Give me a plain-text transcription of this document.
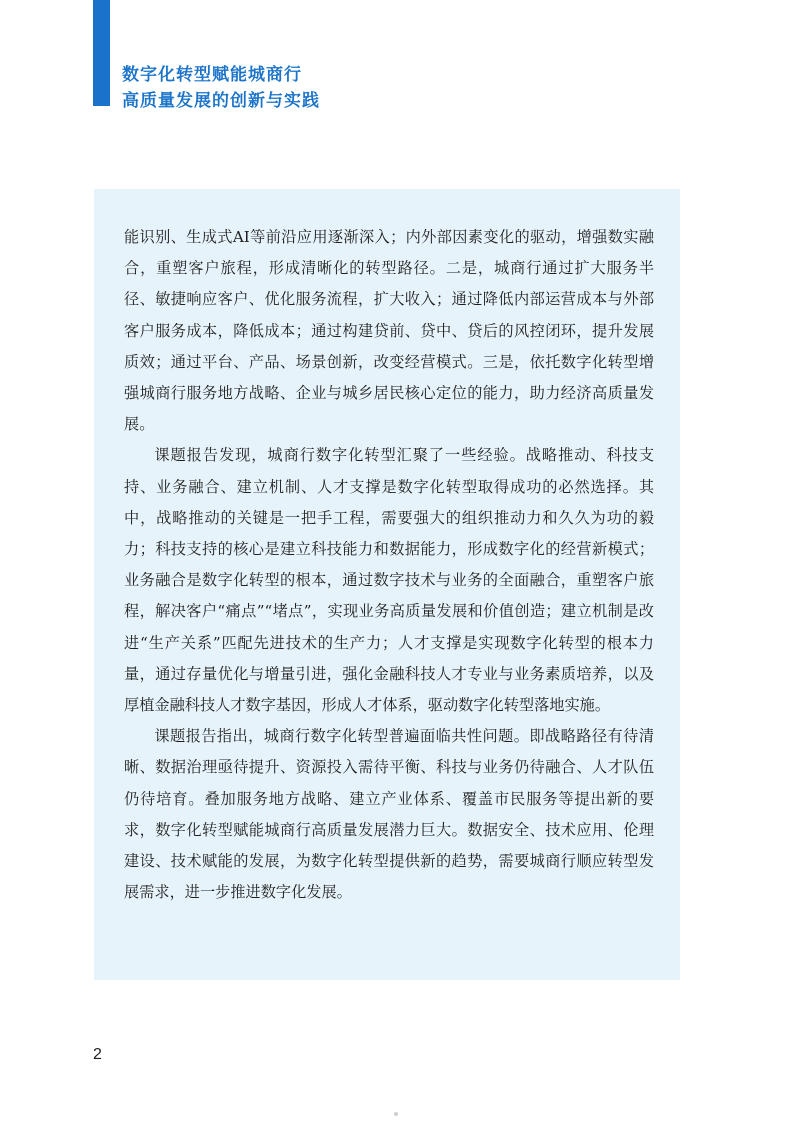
数字化转型赋能城商行
高质量发展的创新与实践

能识别、生成式AI等前沿应用逐渐深入；内外部因素变化的驱动，增强数实融合，重塑客户旅程，形成清晰化的转型路径。二是，城商行通过扩大服务半径、敏捷响应客户、优化服务流程，扩大收入；通过降低内部运营成本与外部客户服务成本，降低成本；通过构建贷前、贷中、贷后的风控闭环，提升发展质效；通过平台、产品、场景创新，改变经营模式。三是，依托数字化转型增强城商行服务地方战略、企业与城乡居民核心定位的能力，助力经济高质量发展。

课题报告发现，城商行数字化转型汇聚了一些经验。战略推动、科技支持、业务融合、建立机制、人才支撑是数字化转型取得成功的必然选择。其中，战略推动的关键是一把手工程，需要强大的组织推动力和久久为功的毅力；科技支持的核心是建立科技能力和数据能力，形成数字化的经营新模式；业务融合是数字化转型的根本，通过数字技术与业务的全面融合，重塑客户旅程，解决客户“痛点”“堵点”，实现业务高质量发展和价值创造；建立机制是改进“生产关系”匹配先进技术的生产力；人才支撑是实现数字化转型的根本力量，通过存量优化与增量引进，强化金融科技人才专业与业务素质培养，以及厚植金融科技人才数字基因，形成人才体系，驱动数字化转型落地实施。

课题报告指出，城商行数字化转型普遍面临共性问题。即战略路径有待清晰、数据治理亟待提升、资源投入需待平衡、科技与业务仍待融合、人才队伍仍待培育。叠加服务地方战略、建立产业体系、覆盖市民服务等提出新的要求，数字化转型赋能城商行高质量发展潜力巨大。数据安全、技术应用、伦理建设、技术赋能的发展，为数字化转型提供新的趋势，需要城商行顺应转型发展需求，进一步推进数字化发展。

2
